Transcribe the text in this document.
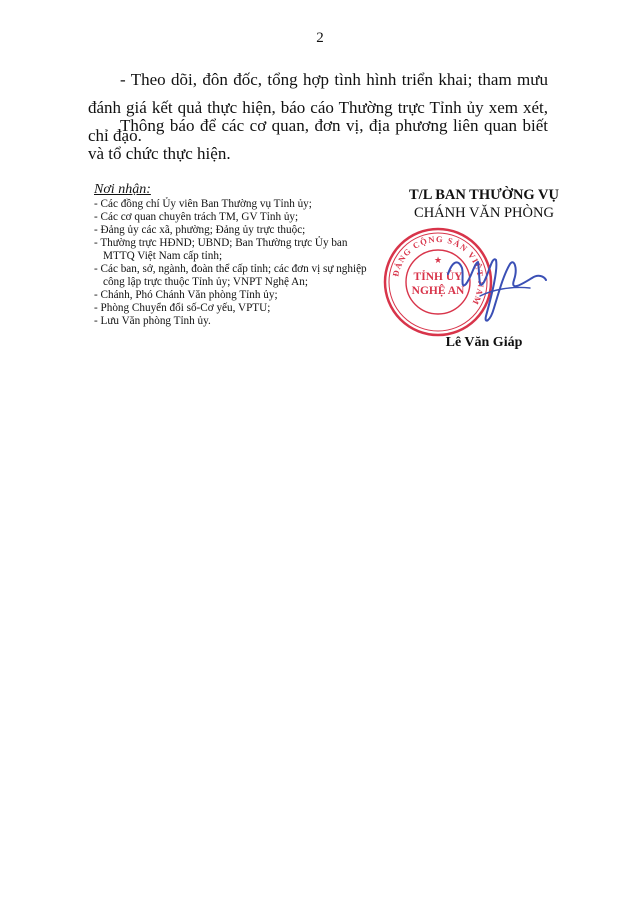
2

- Theo dõi, đôn đốc, tổng hợp tình hình triển khai; tham mưu đánh giá kết quả thực hiện, báo cáo Thường trực Tỉnh ủy xem xét, chỉ đạo.

Thông báo để các cơ quan, đơn vị, địa phương liên quan biết và tổ chức thực hiện.

Nơi nhận:
- Các đồng chí Ủy viên Ban Thường vụ Tỉnh ủy;
- Các cơ quan chuyên trách TM, GV Tỉnh ủy;
- Đảng ủy các xã, phường; Đảng ủy trực thuộc;
- Thường trực HĐND; UBND; Ban Thường trực Ủy ban MTTQ Việt Nam cấp tỉnh;
- Các ban, sở, ngành, đoàn thể cấp tỉnh; các đơn vị sự nghiệp công lập trực thuộc Tỉnh ủy; VNPT Nghệ An;
- Chánh, Phó Chánh Văn phòng Tỉnh ủy;
- Phòng Chuyển đổi số-Cơ yếu, VPTU;
- Lưu Văn phòng Tỉnh ủy.
T/L BAN THƯỜNG VỤ
CHÁNH VĂN PHÒNG
ĐẢNG CỘNG SẢN VIỆT NAM
TỈNH ỦY
NGHỆ AN
★
Lê Văn Giáp
